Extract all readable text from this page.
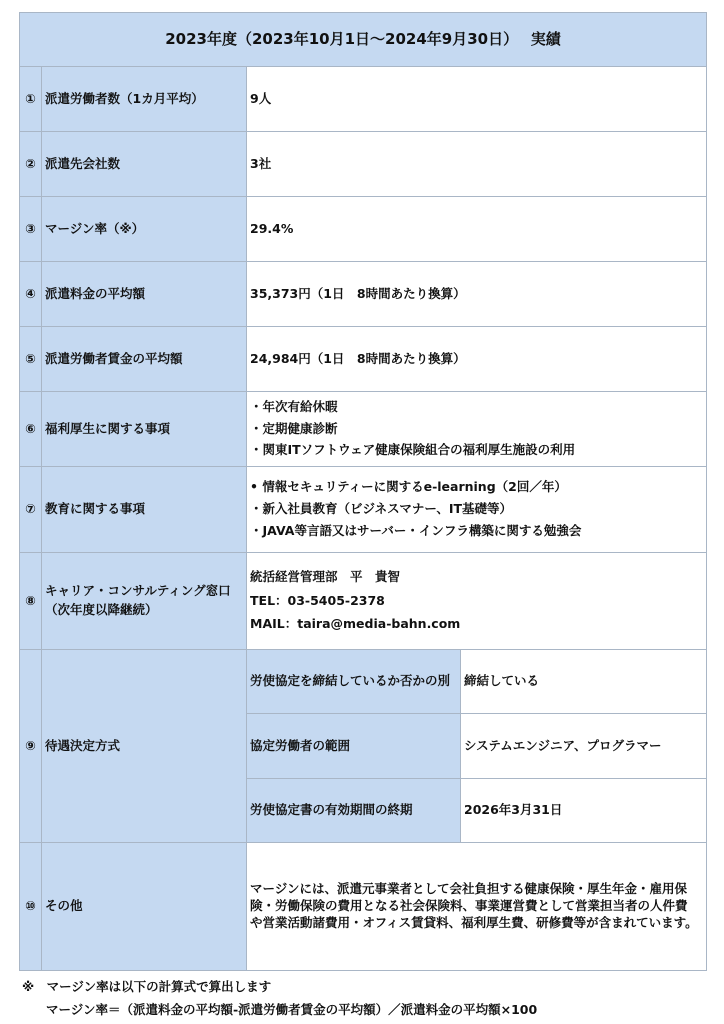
2023年度（2023年10月1日～2024年9月30日）　 実績			
①	派遣労働者数（1カ月平均）	9人	
②	派遣先会社数	3社	
③	マージン率（※）	29.4%	
④	派遣料金の平均額	35,373円（1日　8時間あたり換算）	
⑤	派遣労働者賃金の平均額	24,984円（1日　8時間あたり換算）	
⑥	福利厚生に関する事項	・年次有給休暇
・定期健康診断
・関東ITソフトウェア健康保険組合の福利厚生施設の利用	

⑦	教育に関する事項	• 情報セキュリティーに関するe-learning（2回／年）
・新入社員教育（ビジネスマナー、IT基礎等）
・JAVA等言語又はサーバー・インフラ構築に関する勉強会	

⑧	キャリア・コンサルティング窓口
（次年度以降継続）	統括経営管理部　平　貴智
TEL：03-5405-2378
MAIL：taira@media-bahn.com	

⑨	待遇決定方式	労使協定を締結しているか否かの別	締結している
		協定労働者の範囲	システムエンジニア、プログラマー
		労使協定書の有効期間の終期	2026年3月31日
⑩	その他	マージンには、派遣元事業者として会社負担する健康保険・厚生年金・雇用保険・労働保険の費用となる社会保険料、事業運営費として営業担当者の人件費や営業活動諸費用・オフィス賃貸料、福利厚生費、研修費等が含まれています。	
※　マージン率は以下の計算式で算出します
マージン率＝（派遣料金の平均額-派遣労働者賃金の平均額）／派遣料金の平均額×100
